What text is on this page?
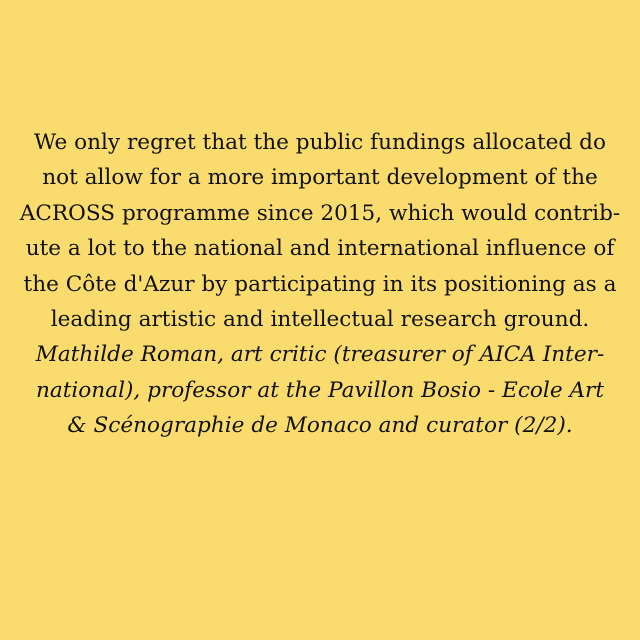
We only regret that the public fundings allocated do
not allow for a more important development of the
ACROSS programme since 2015, which would contrib-
ute a lot to the national and international influence of
the Côte d'Azur by participating in its positioning as a
leading artistic and intellectual research ground.
Mathilde Roman, art critic (treasurer of AICA Inter-
national), professor at the Pavillon Bosio - Ecole Art
& Scénographie de Monaco and curator (2/2).
